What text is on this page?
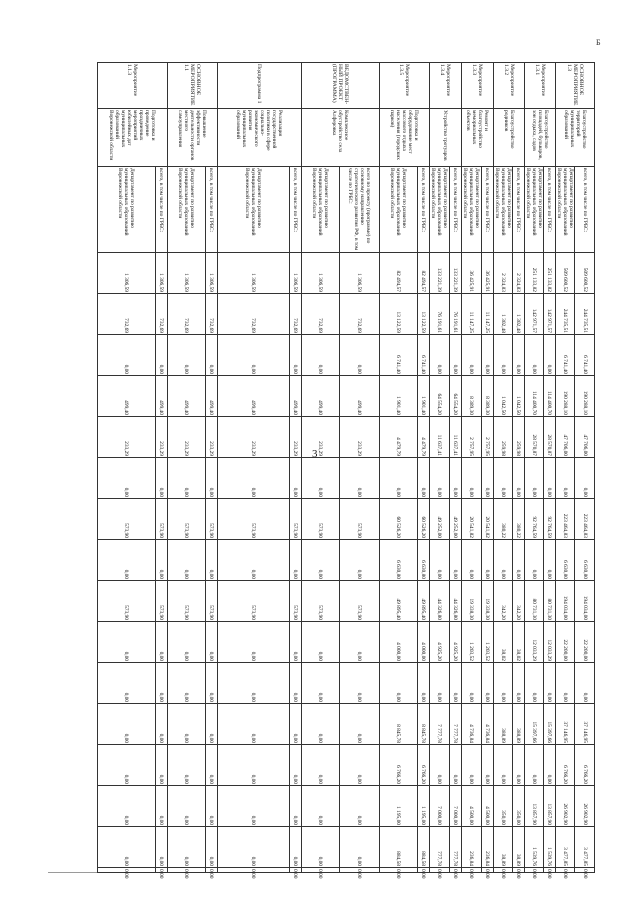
3
Б
ОСНОВНОЕ МЕРОПРИЯТИЕ 1.3	Благоустройство территорий муниципальных образований	всего, в том числе по ГРБС:	509 600,52	244 735,51	6 741,40	190 288,10	47 706,00	0,00	223 464,83	6 630,80	194 034,00	22 200,00	0,00	37 146,95	6 766,20	26 902,90	3 477,85	0,00
		Департамент по развитию муниципальных образований Воронежской области	509 600,52	244 735,51	6 741,40	190 288,10	47 706,00	0,00	223 464,83	6 630,80	194 034,00	22 200,00	0,00	37 146,95	6 766,20	26 902,90	3 477,85	0,00
Мероприятие 1.3.1	Благоустройство площадей, бульваров, зон отдыха, садов	всего, в том числе по ГРБС:	251 133,82	142 971,57	0,00	114 400,70	28 570,87	0,00	92 764,59	0,00	80 731,30	12 033,29	0,00	15 397,66	0,00	13 857,90	1 539,76	0,00
		Департамент по развитию муниципальных образований Воронежской области	251 133,82	142 971,57	0,00	114 400,70	28 570,87	0,00	92 764,59	0,00	80 731,30	12 033,29	0,00	15 397,66	0,00	13 857,90	1 539,76	0,00
Мероприятие 1.3.2	Благоустройство родников	всего, в том числе по ГРБС:	2 324,83	1 302,48	0,00	1 042,50	259,98	0,00	380,22	0,00	342,20	38,02	0,00	388,89	0,00	350,00	38,89	0,00
		Департамент по развитию муниципальных образований Воронежской области	2 324,83	1 302,48	0,00	1 042,50	259,98	0,00	380,22	0,00	342,20	38,02	0,00	388,89	0,00	350,00	38,89	0,00
Мероприятие 1.3.3	Ремонт и благоустройство мемориальных объектов	всего, в том числе по ГРБС:	36 425,91	11 147,25	0,00	8 389,30	2 757,95	0,00	20 541,82	0,00	19 338,30	1 203,52	0,00	4 736,84	0,00	4 500,00	236,84	0,00
		Департамент по развитию муниципальных образований Воронежской области	36 425,91	11 147,25	0,00	8 389,30	2 757,95	0,00	20 541,82	0,00	19 338,30	1 203,52	0,00	4 736,84	0,00	4 500,00	236,84	0,00
Мероприятие 1.3.4	Устройство тротуаров	всего, в том числе по ГРБС:	133 221,39	76 191,61	0,00	64 554,20	11 637,41	0,00	49 252,00	0,00	44 326,80	4 925,20	0,00	7 777,78	0,00	7 000,00	777,78	0,00
		Департамент по развитию муниципальных образований Воронежской области	133 221,39	76 191,61	0,00	64 554,20	11 637,41	0,00	49 252,00	0,00	44 326,80	4 925,20	0,00	7 777,78	0,00	7 000,00	777,78	0,00
Мероприятие 1.3.5	Подготовка и оборудование мест массового отдыха населения (городских парков)	всего, в том числе по ГРБС:	82 494,57	13 122,59	6 741,40	1 901,40	4 479,79	0,00	60 526,20	6 630,80	49 895,40	4 000,00	0,00	8 845,78	6 766,20	1 195,00	884,58	0,00
		Департамент по развитию муниципальных образований Воронежской области	82 494,57	13 122,59	6 741,40	1 901,40	4 479,79	0,00	60 526,20	6 630,80	49 895,40	4 000,00	0,00	8 845,78	6 766,20	1 195,00	884,58	0,00
ВЕДОМСТВЕН-НЫЙ ПРОЕКТ (ПРОГРАММА)	Комплексное обустройство села Алферовка	всего по проекту (программе) по основному направлению стратегического развития РФ, в том числе по ГРБС:	1 306,59	732,69	0,00	499,40	233,29	0,00	573,90	0,00	573,90	0,00	0,00	0,00	0,00	0,00	0,00	0,00
		Департамент по развитию муниципальных образований Воронежской области	1 306,59	732,69	0,00	499,40	233,29	0,00	573,90	0,00	573,90	0,00	0,00	0,00	0,00	0,00	0,00	0,00
Подпрограмма 1	Реализация государственной политики в сфере социально-экономического развития муниципальных образований	всего, в том числе по ГРБС:	1 306,59	732,69	0,00	499,40	233,29	0,00	573,90	0,00	573,90	0,00	0,00	0,00	0,00	0,00	0,00	0,00
		Департамент по развитию муниципальных образований Воронежской области	1 306,59	732,69	0,00	499,40	233,29	0,00	573,90	0,00	573,90	0,00	0,00	0,00	0,00	0,00	0,00	0,00
ОСНОВНОЕ МЕРОПРИЯТИЕ 1.1	Повышение эффективности деятельности органов местного самоуправления	всего, в том числе по ГРБС:	1 306,59	732,69	0,00	499,40	233,29	0,00	573,90	0,00	573,90	0,00	0,00	0,00	0,00	0,00	0,00	0,00
		Департамент по развитию муниципальных образований Воронежской области	1 306,59	732,69	0,00	499,40	233,29	0,00	573,90	0,00	573,90	0,00	0,00	0,00	0,00	0,00	0,00	0,00
Мероприятие 1.1.3	Подготовка и проведение праздничных мероприятий юбилейных дат муниципальных образований Воронежской области	всего, в том числе по ГРБС:	1 306,59	732,69	0,00	499,40	233,29	0,00	573,90	0,00	573,90	0,00	0,00	0,00	0,00	0,00	0,00	0,00
		Департамент по развитию муниципальных образований Воронежской области	1 306,59	732,69	0,00	499,40	233,29	0,00	573,90	0,00	573,90	0,00	0,00	0,00	0,00	0,00	0,00	0,00
